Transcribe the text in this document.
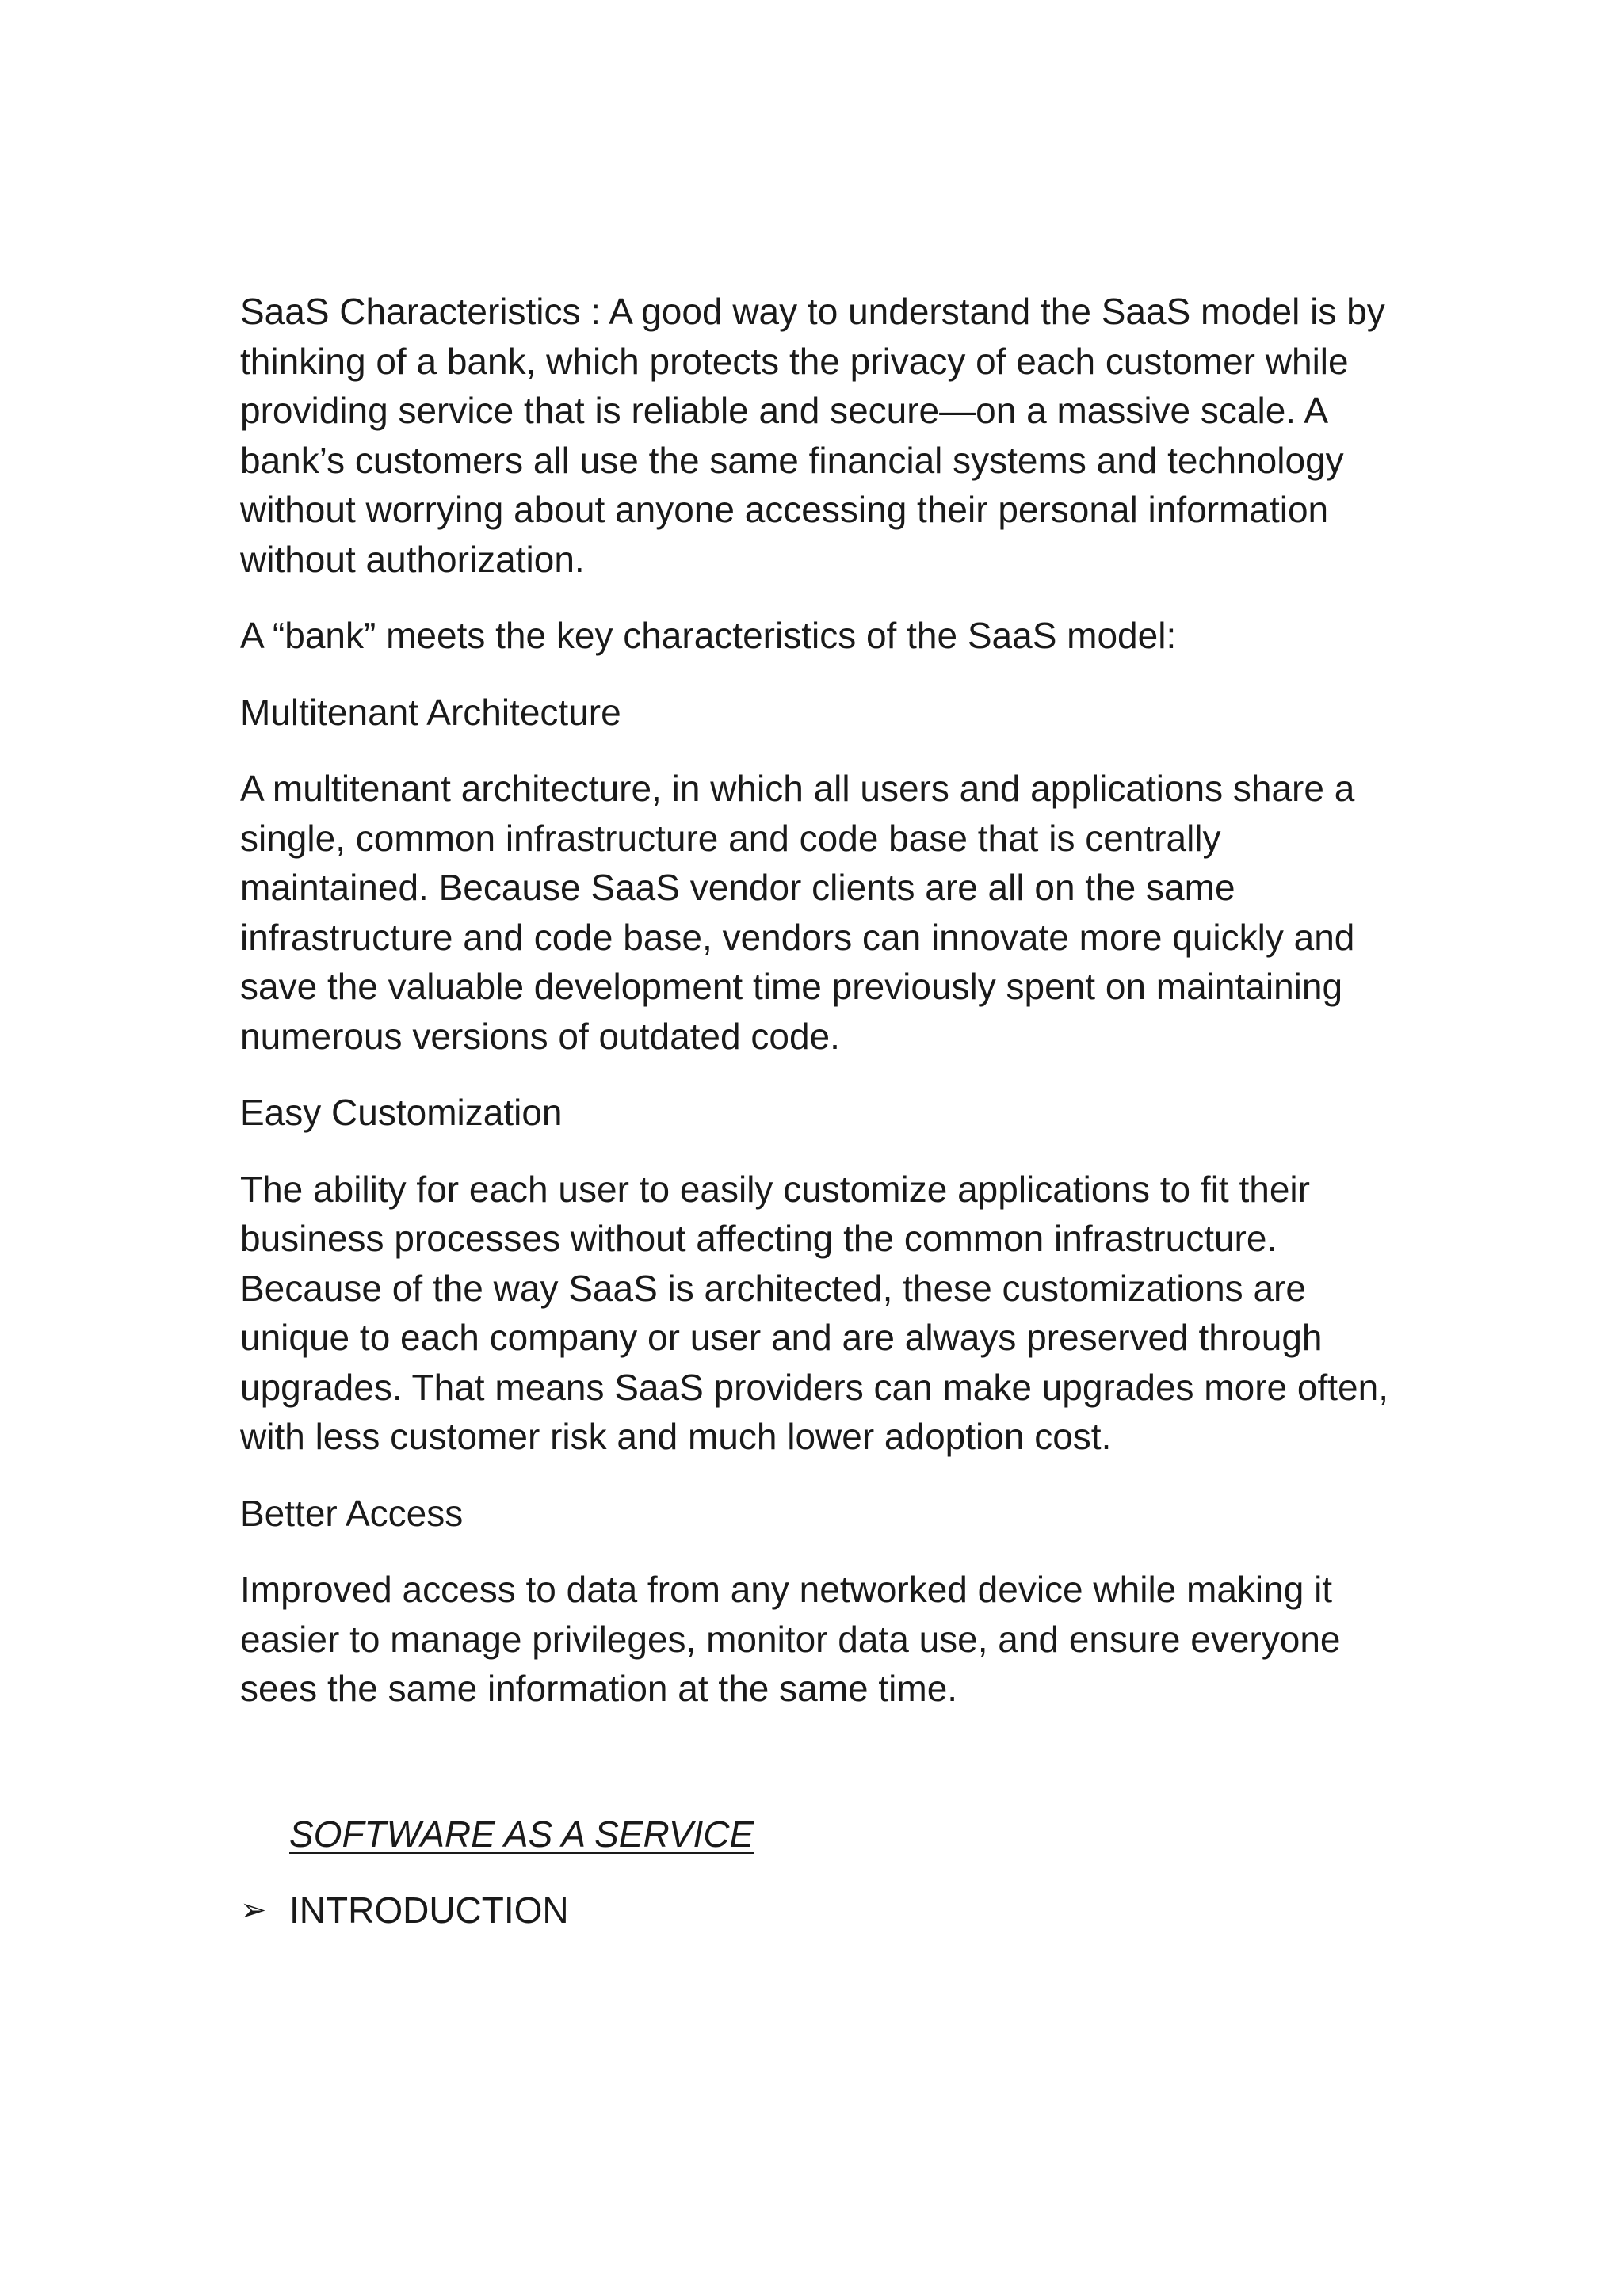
SaaS Characteristics : A good way to understand the SaaS model is by thinking of a bank, which protects the privacy of each customer while providing service that is reliable and secure—on a massive scale. A bank’s customers all use the same financial systems and technology without worrying about anyone accessing their personal information without authorization.

A “bank” meets the key characteristics of the SaaS model:

Multitenant Architecture

A multitenant architecture, in which all users and applications share a single, common infrastructure and code base that is centrally maintained. Because SaaS vendor clients are all on the same infrastructure and code base, vendors can innovate more quickly and save the valuable development time previously spent on maintaining numerous versions of outdated code.

Easy Customization

The ability for each user to easily customize applications to fit their business processes without affecting the common infrastructure. Because of the way SaaS is architected, these customizations are unique to each company or user and are always preserved through upgrades. That means SaaS providers can make upgrades more often, with less customer risk and much lower adoption cost.

Better Access

Improved access to data from any networked device while making it easier to manage privileges, monitor data use, and ensure everyone sees the same information at the same time.

SOFTWARE AS A SERVICE

➢ INTRODUCTION
